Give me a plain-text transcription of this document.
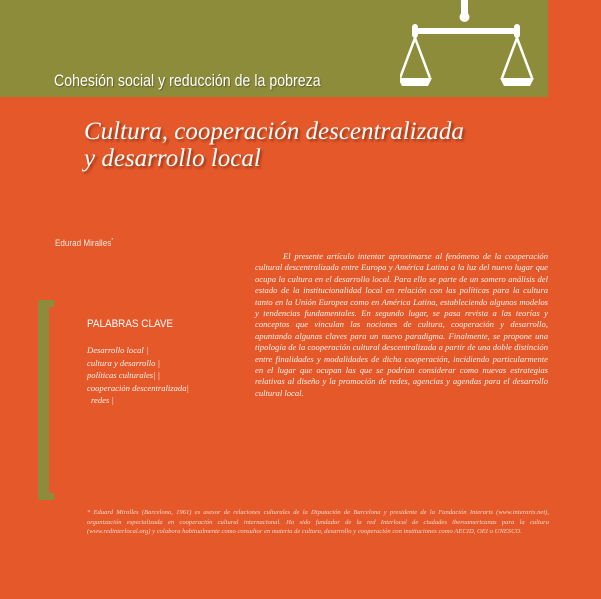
Cohesión social y reducción de la pobreza
Cultura, cooperación descentralizada
y desarrollo local
Edurad Miralles*

El presente artículo intentar aproximarse al fenómeno de la cooperación cultural descentralizada entre Europa y América Latina a la luz del nuevo lugar que ocupa la cultura en el desarrollo local. Para ello se parte de un somero análisis del estado de la institucionalidad local en relación con las políticas para la cultura tanto en la Unión Europea como en América Latina, estableciendo algunos modelos y tendencias fundamentales. En segundo lugar, se pasa revista a las teorías y conceptos que vinculan las nociones de cultura, cooperación y desarrollo, apuntando algunas claves para un nuevo paradigma. Finalmente, se propone una tipología de la cooperación cultural descentralizada a partir de una doble distinción entre finalidades y modalidades de dicha cooperación, incidiendo particularmente en el lugar que ocupan las que se podrían considerar como nuevas estrategias relativas al diseño y la promoción de redes, agencias y agendas para el desarrollo cultural local.

PALABRAS CLAVE
Desarrollo local |
cultura y desarrollo |
políticas culturales| |
cooperación descentralizada|
redes |

* Eduard Miralles (Barcelona, 1961) es asesor de relaciones culturales de la Diputación de Barcelona y presidente de la Fundación Interarts (www.interarts.net), organización especializada en cooperación cultural internacional. Ha sido fundador de la red Interlocal de ciudades iberoamericanas para la cultura (www.redinterlocal.org) y colabora habitualmente como consultor en materia de cultura, desarrollo y cooperación con instituciones como AECID, OEI o UNESCO.
